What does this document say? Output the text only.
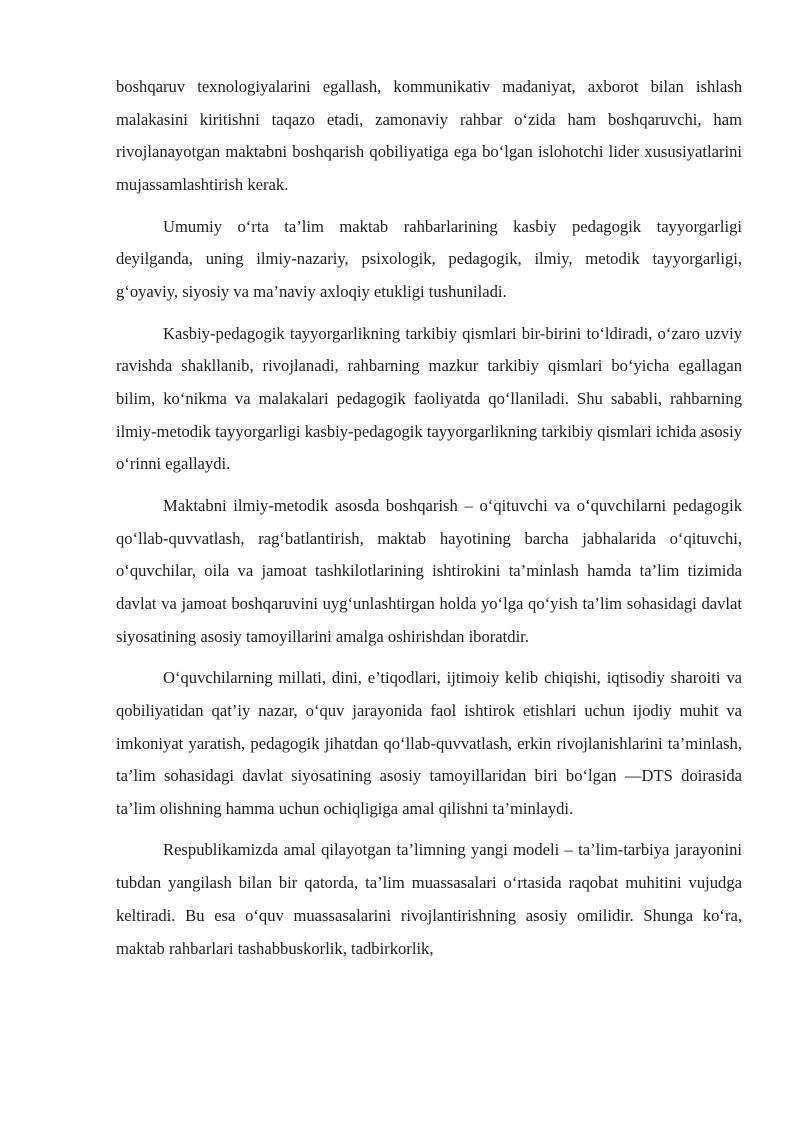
boshqaruv texnologiyalarini egallash, kommunikativ madaniyat, axborot bilan ishlash malakasini kiritishni taqazo etadi, zamonaviy rahbar o‘zida ham boshqaruvchi, ham rivojlanayotgan maktabni boshqarish qobiliyatiga ega bo‘lgan islohotchi lider xususiyatlarini mujassamlashtirish kerak.

Umumiy o‘rta ta’lim maktab rahbarlarining kasbiy pedagogik tayyorgarligi deyilganda, uning ilmiy-nazariy, psixologik, pedagogik, ilmiy, metodik tayyorgarligi, g‘oyaviy, siyosiy va ma’naviy axloqiy etukligi tushuniladi.

Kasbiy-pedagogik tayyorgarlikning tarkibiy qismlari bir-birini to‘ldiradi, o‘zaro uzviy ravishda shakllanib, rivojlanadi, rahbarning mazkur tarkibiy qismlari bo‘yicha egallagan bilim, ko‘nikma va malakalari pedagogik faoliyatda qo‘llaniladi. Shu sababli, rahbarning ilmiy-metodik tayyorgarligi kasbiy-pedagogik tayyorgarlikning tarkibiy qismlari ichida asosiy o‘rinni egallaydi.

Maktabni ilmiy-metodik asosda boshqarish – o‘qituvchi va o‘quvchilarni pedagogik qo‘llab-quvvatlash, rag‘batlantirish, maktab hayotining barcha jabhalarida o‘qituvchi, o‘quvchilar, oila va jamoat tashkilotlarining ishtirokini ta’minlash hamda ta’lim tizimida davlat va jamoat boshqaruvini uyg‘unlashtirgan holda yo‘lga qo‘yish ta’lim sohasidagi davlat siyosatining asosiy tamoyillarini amalga oshirishdan iboratdir.

O‘quvchilarning millati, dini, e’tiqodlari, ijtimoiy kelib chiqishi, iqtisodiy sharoiti va qobiliyatidan qat’iy nazar, o‘quv jarayonida faol ishtirok etishlari uchun ijodiy muhit va imkoniyat yaratish, pedagogik jihatdan qo‘llab-quvvatlash, erkin rivojlanishlarini ta’minlash, ta’lim sohasidagi davlat siyosatining asosiy tamoyillaridan biri bo‘lgan ―DTS doirasida ta’lim olishning hamma uchun ochiqligiga amal qilishni ta’minlaydi.

Respublikamizda amal qilayotgan ta’limning yangi modeli – ta’lim-tarbiya jarayonini tubdan yangilash bilan bir qatorda, ta’lim muassasalari o‘rtasida raqobat muhitini vujudga keltiradi. Bu esa o‘quv muassasalarini rivojlantirishning asosiy omilidir. Shunga ko‘ra, maktab rahbarlari tashabbuskorlik, tadbirkorlik,
